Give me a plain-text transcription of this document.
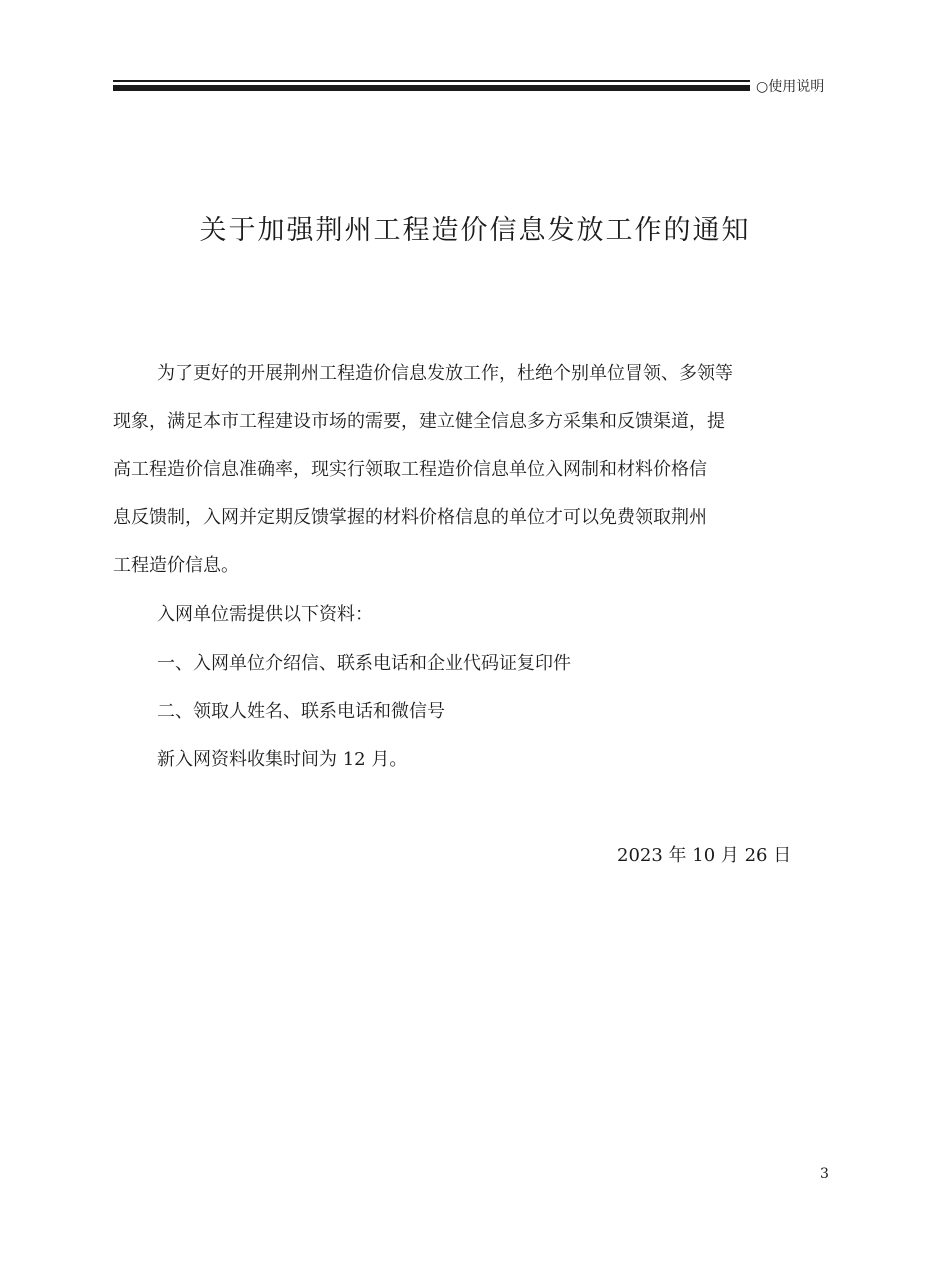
○使用说明
关于加强荆州工程造价信息发放工作的通知
为了更好的开展荆州工程造价信息发放工作，杜绝个别单位冒领、多领等
现象，满足本市工程建设市场的需要，建立健全信息多方采集和反馈渠道，提
高工程造价信息准确率，现实行领取工程造价信息单位入网制和材料价格信
息反馈制，入网并定期反馈掌握的材料价格信息的单位才可以免费领取荆州
工程造价信息。
入网单位需提供以下资料：
一、入网单位介绍信、联系电话和企业代码证复印件
二、领取人姓名、联系电话和微信号
新入网资料收集时间为 12 月。
2023 年 10 月 26 日
3
